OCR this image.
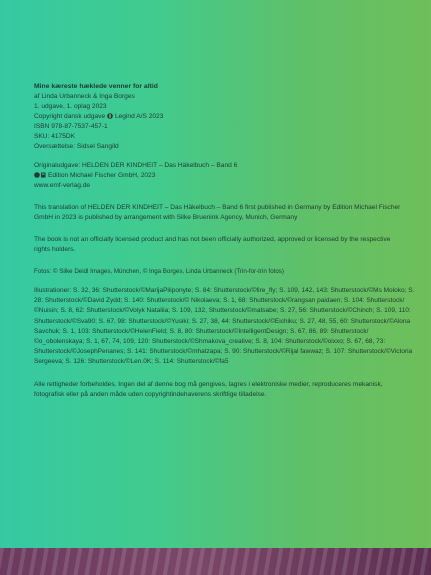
Mine kæreste hæklede venner for altid

af Linda Urbanneck & Inga Borges

1. udgave, 1. oplag 2023

Copyright dansk udgave Legind A/S 2023

ISBN 978-87-7537-457-1

SKU: 4175DK

Oversættelse: Sidsel Sangild

Originaludgave: HELDEN DER KINDHEIT – Das Häkelbuch – Band 6

Edition Michael Fischer GmbH, 2023

www.emf-verlag.de

This translation of HELDEN DER KINDHEIT – Das Häkelbuch – Band 6 first published in Germany by Edition Michael Fischer GmbH in 2023 is published by arrangement with Silke Bruenink Agency, Munich, Germany

The book is not an officially licensed product and has not been officially authorized, approved or licensed by the respective rights holders.

Fotos: © Silke Deidl Images, München, © Inga Borges, Linda Urbanneck (Trin-for-trin fotos)

Illustrationer: S. 32, 36: Shutterstock/©MarijaPiliponyte; S. 84: Shutterstock/©fire_fly; S. 109, 142, 143: Shutterstock/©Ms Moloko; S. 28: Shutterstock/©David Zydd; S. 140: Shutterstock/© Nikolaeva; S. 1, 68: Shutterstock/©rangsan paidaen; S. 104: Shutterstock/©Nuisin; S. 8, 62: Shutterstock/©Volyk Nataliia; S. 109, 132, Shutterstock/©matsabe; S. 27, 56: Shutterstock/©Chinch; S. 109, 110: Shutterstock/©Sva90; S. 67, 98: Shutterstock/©Yusiki; S. 27, 38, 44: Shutterstock/©Eichiku; S. 27, 48, 55, 60: Shutterstock/©Alona Savchuk; S. 1, 103: Shutterstock/©HelenField; S. 8, 80: Shutterstock/©IntelligentDesign; S. 67, 86, 89: Shutterstock/©o_obolenskaya; S. 1, 67, 74, 109, 120: Shutterstock/©Shmakova_creative; S. 8, 104: Shutterstock/©oixxo; S. 67, 68, 73: Shutterstock/©JosephPenanes; S. 141: Shutterstock/©mhatzapa; S. 90: Shutterstock/©Rijal fawwaz; S. 107: Shutterstock/©Victoria Sergeeva; S. 126: Shutterstock/©Len.0K; S. 114: Shutterstock/©fa5

Alle rettigheder forbeholdes. Ingen del af denne bog må gengives, lagres i elektroniske medier, reproduceres mekanisk, fotografisk eller på anden måde uden copyrightindehaverens skriftlige tilladelse.
